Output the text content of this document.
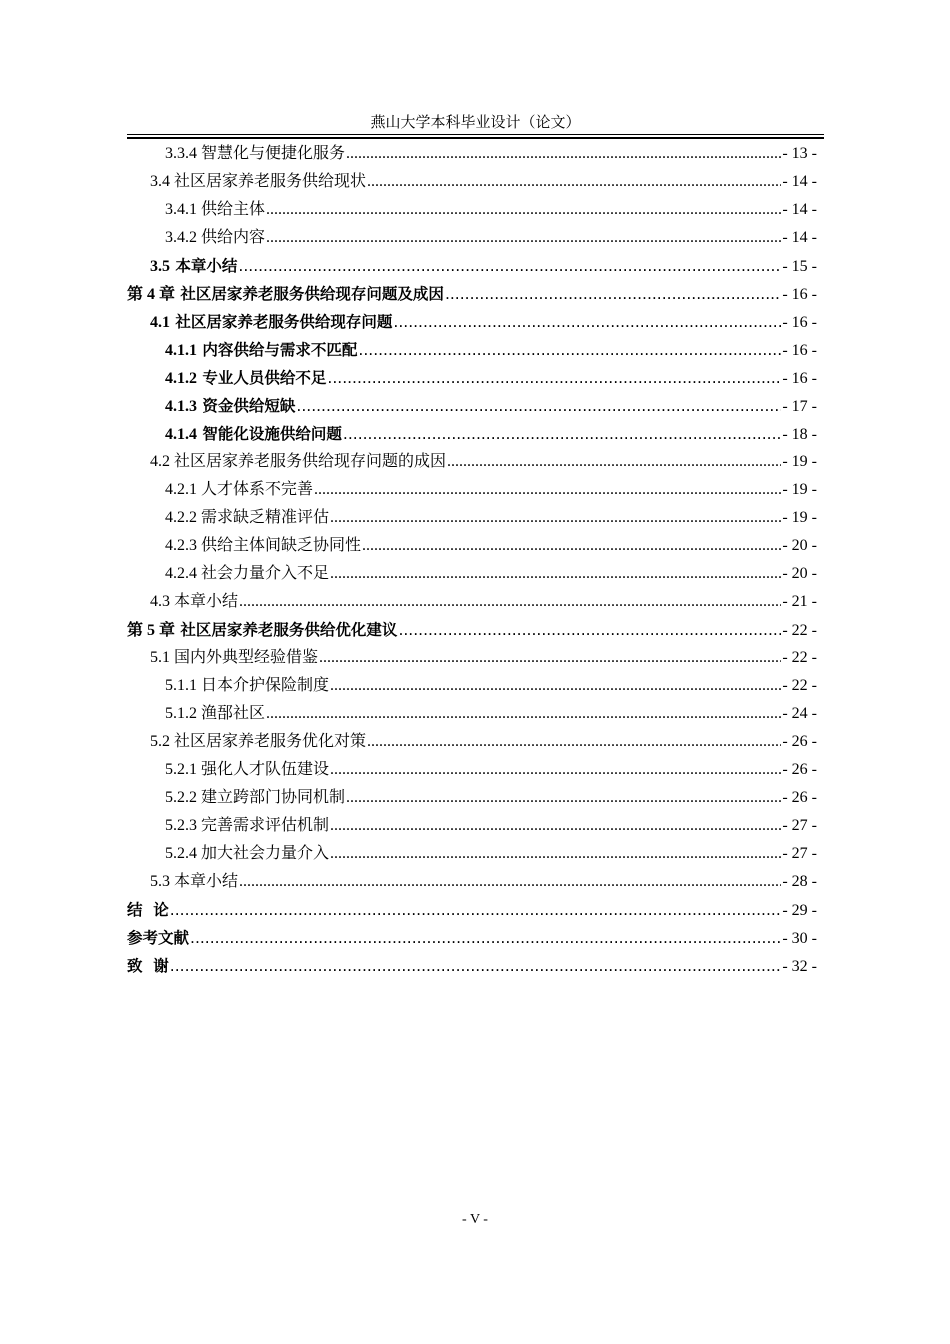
燕山大学本科毕业设计（论文）
3.3.4 智慧化与便捷化服务 .....	- 13 -
3.4 社区居家养老服务供给现状 .....	- 14 -
3.4.1 供给主体 .....	- 14 -
3.4.2 供给内容 .....	- 14 -
3.5 本章小结 .....	- 15 -
第 4 章 社区居家养老服务供给现存问题及成因 .....	- 16 -
4.1 社区居家养老服务供给现存问题 .....	- 16 -
4.1.1 内容供给与需求不匹配 .....	- 16 -
4.1.2 专业人员供给不足 .....	- 16 -
4.1.3 资金供给短缺 .....	- 17 -
4.1.4 智能化设施供给问题 .....	- 18 -
4.2 社区居家养老服务供给现存问题的成因 .....	- 19 -
4.2.1 人才体系不完善 .....	- 19 -
4.2.2 需求缺乏精准评估 .....	- 19 -
4.2.3 供给主体间缺乏协同性 .....	- 20 -
4.2.4 社会力量介入不足 .....	- 20 -
4.3 本章小结 .....	- 21 -
第 5 章 社区居家养老服务供给优化建议 .....	- 22 -
5.1 国内外典型经验借鉴 .....	- 22 -
5.1.1 日本介护保险制度 .....	- 22 -
5.1.2 渔郚社区 .....	- 24 -
5.2 社区居家养老服务优化对策 .....	- 26 -
5.2.1 强化人才队伍建设 .....	- 26 -
5.2.2 建立跨部门协同机制 .....	- 26 -
5.2.3 完善需求评估机制 .....	- 27 -
5.2.4 加大社会力量介入 .....	- 27 -
5.3 本章小结 .....	- 28 -
结  论 .....	- 29 -
参考文献 .....	- 30 -
致  谢 .....	- 32 -
- V -
